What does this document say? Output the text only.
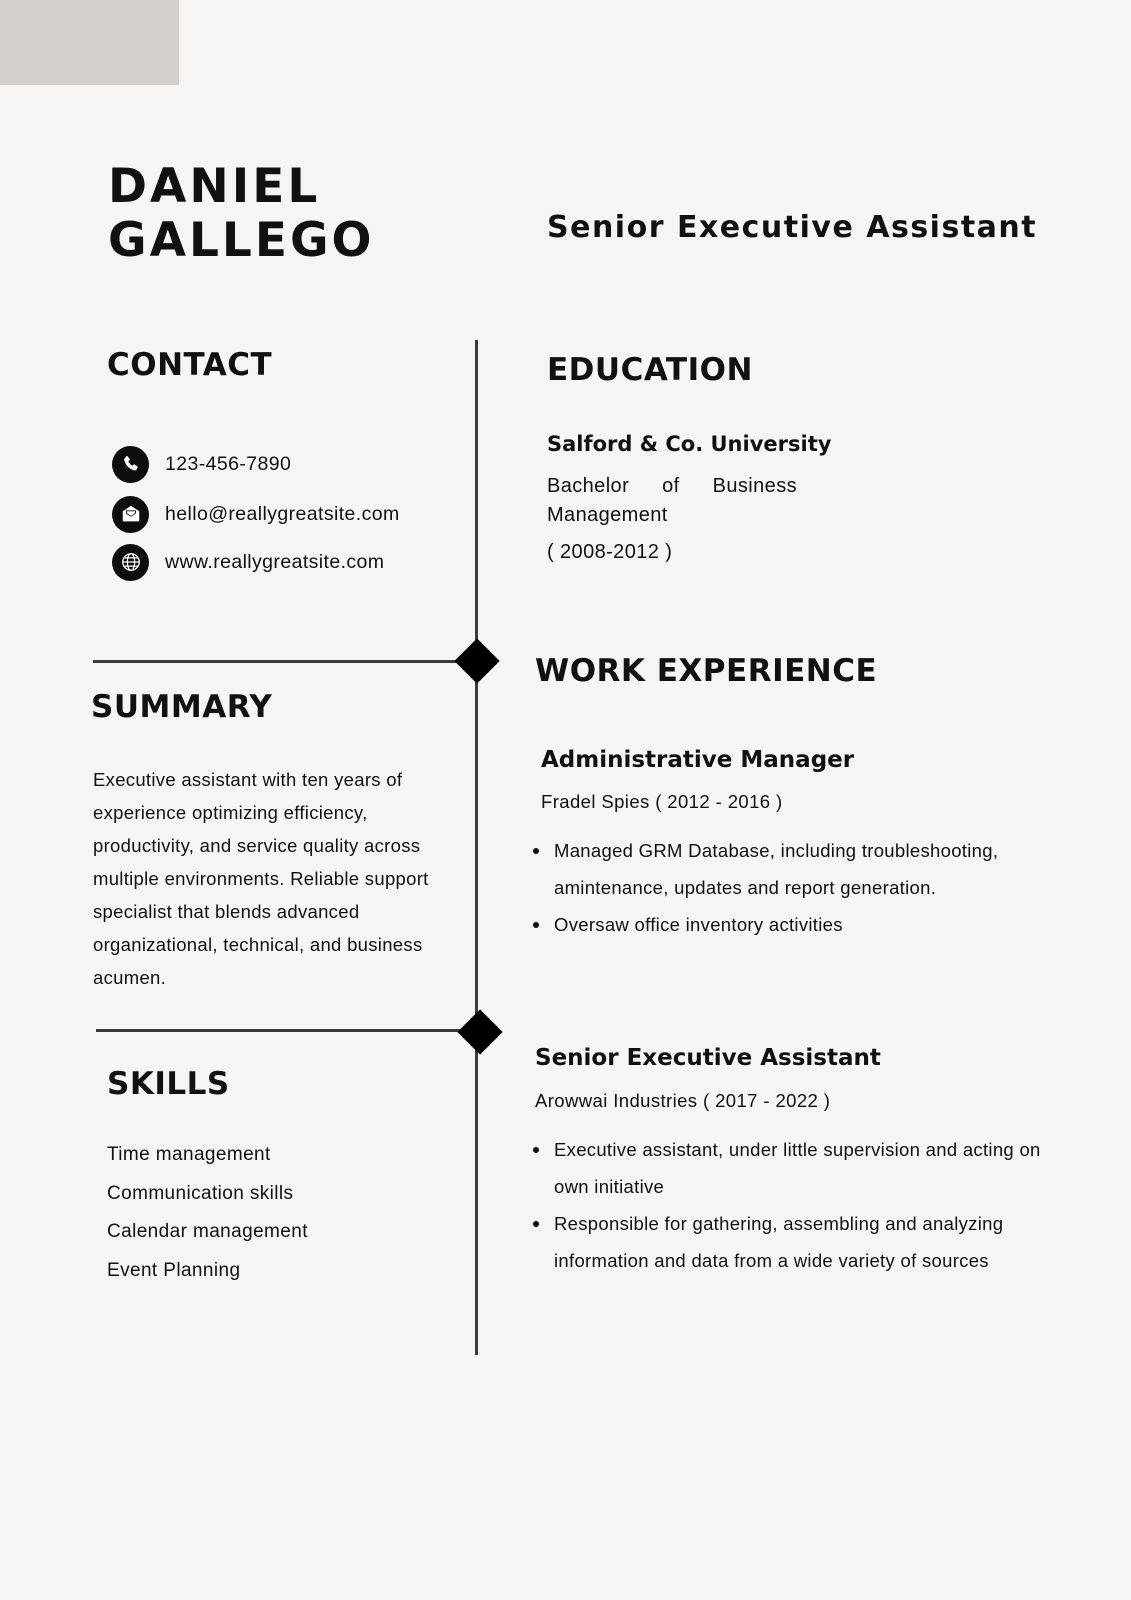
DANIEL
GALLEGO	Senior Executive Assistant
CONTACT
123-456-7890
hello@reallygreatsite.com
www.reallygreatsite.com
SUMMARY

Executive assistant with ten years of experience optimizing efficiency, productivity, and service quality across multiple environments. Reliable support specialist that blends advanced organizational, technical, and business acumen.

SKILLS
Time management
Communication skills
Calendar management
Event Planning
EDUCATION
Salford & Co. University

Bachelor of Business Management

( 2008-2012 )
WORK EXPERIENCE
Administrative Manager
Fradel Spies ( 2012 - 2016 )
Managed GRM Database, including troubleshooting, amintenance, updates and report generation.
Oversaw office inventory activities
Senior Executive Assistant
Arowwai Industries ( 2017 - 2022 )
Executive assistant, under little supervision and acting on own initiative
Responsible for gathering, assembling and analyzing information and data from a wide variety of sources
